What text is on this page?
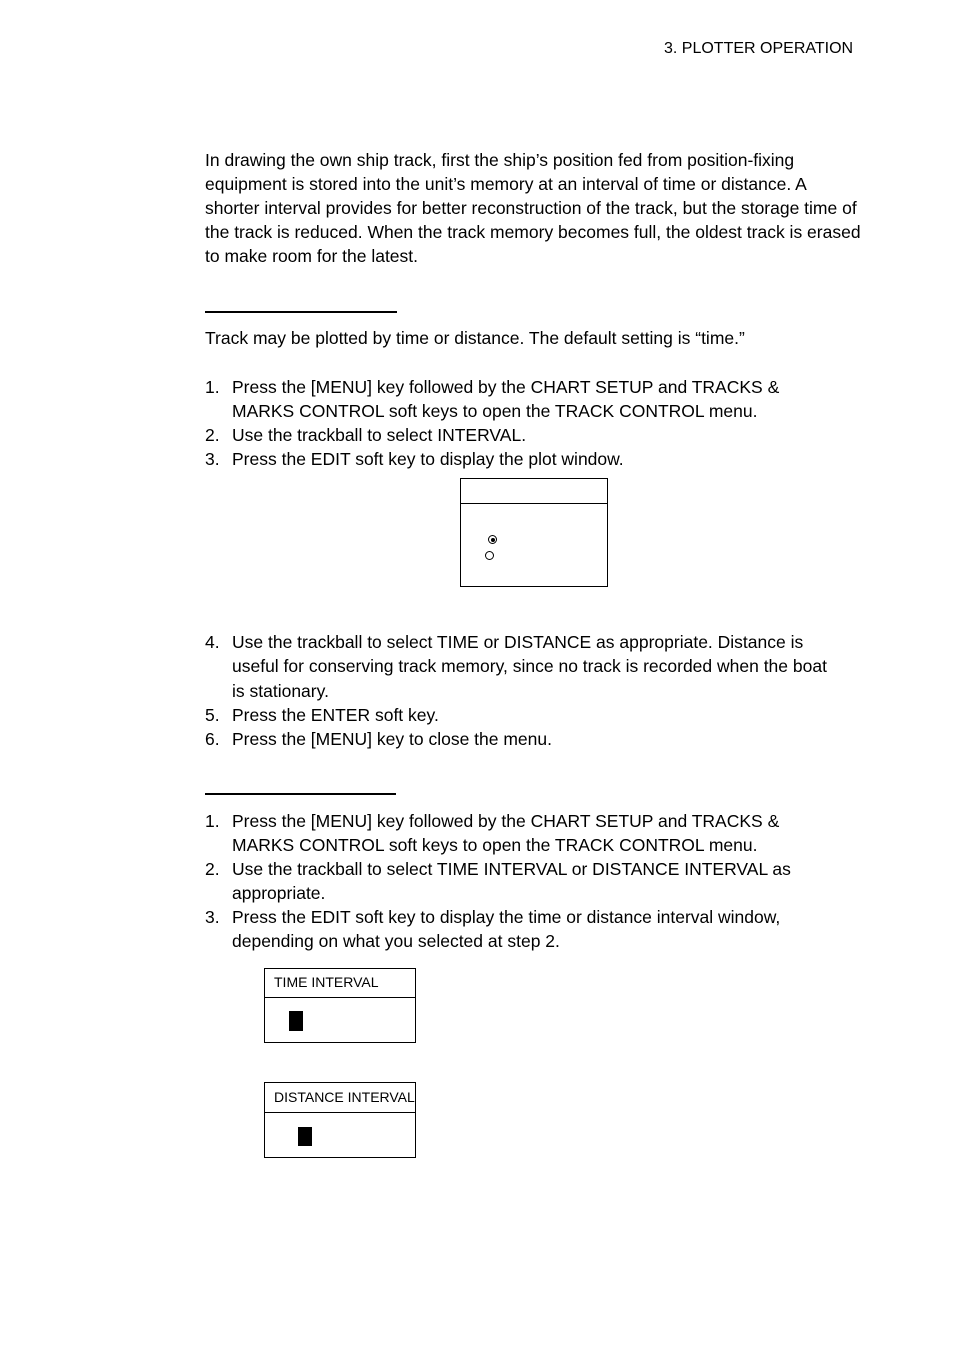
3. PLOTTER OPERATION
In drawing the own ship track, first the ship’s position fed from position-fixing equipment is stored into the unit’s memory at an interval of time or distance. A shorter interval provides for better reconstruction of the track, but the storage time of the track is reduced. When the track memory becomes full, the oldest track is erased to make room for the latest.
Track may be plotted by time or distance. The default setting is “time.”
1. Press the [MENU] key followed by the CHART SETUP and TRACKS &
MARKS CONTROL soft keys to open the TRACK CONTROL menu.
2. Use the trackball to select INTERVAL.
3. Press the EDIT soft key to display the plot window.
4. Use the trackball to select TIME or DISTANCE as appropriate. Distance is
useful for conserving track memory, since no track is recorded when the boat
is stationary.
5. Press the ENTER soft key.
6. Press the [MENU] key to close the menu.
1. Press the [MENU] key followed by the CHART SETUP and TRACKS &
MARKS CONTROL soft keys to open the TRACK CONTROL menu.
2. Use the trackball to select TIME INTERVAL or DISTANCE INTERVAL as
appropriate.
3. Press the EDIT soft key to display the time or distance interval window,
depending on what you selected at step 2.
TIME INTERVAL
DISTANCE INTERVAL
